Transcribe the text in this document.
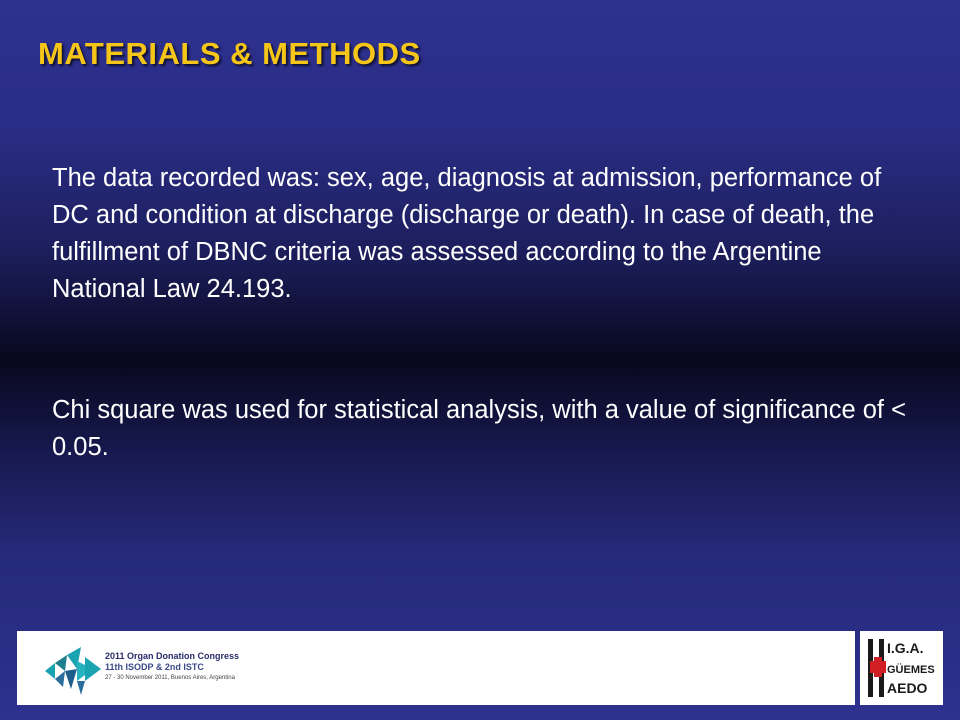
MATERIALS & METHODS

The data recorded was: sex, age, diagnosis at admission, performance of DC and condition at discharge (discharge or death). In case of death, the fulfillment of DBNC criteria was assessed according to the Argentine National Law 24.193.

Chi square was used for statistical analysis, with a value of significance of < 0.05.

2011 Organ Donation Congress
11th ISODP & 2nd ISTC
27 - 30 November 2011, Buenos Aires, Argentina
I.G.A.
GÜEMES
AEDO
